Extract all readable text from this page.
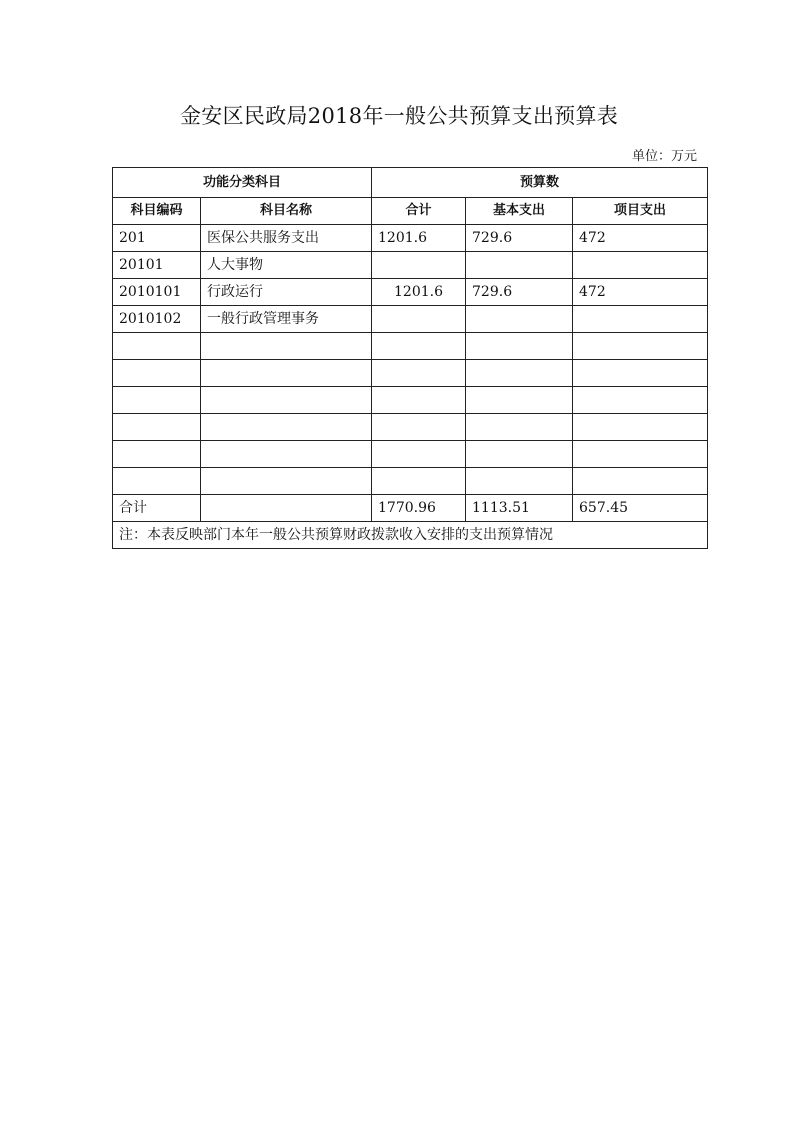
金安区民政局2018年一般公共预算支出预算表
单位：万元
功能分类科目		预算数		
科目编码	科目名称	合计	基本支出	项目支出
201	医保公共服务支出	1201.6	729.6	472
20101	人大事物			
2010101	行政运行	1201.6	729.6	472
2010102	一般行政管理事务			

合计		1770.96	1113.51	657.45
注：本表反映部门本年一般公共预算财政拨款收入安排的支出预算情况				
